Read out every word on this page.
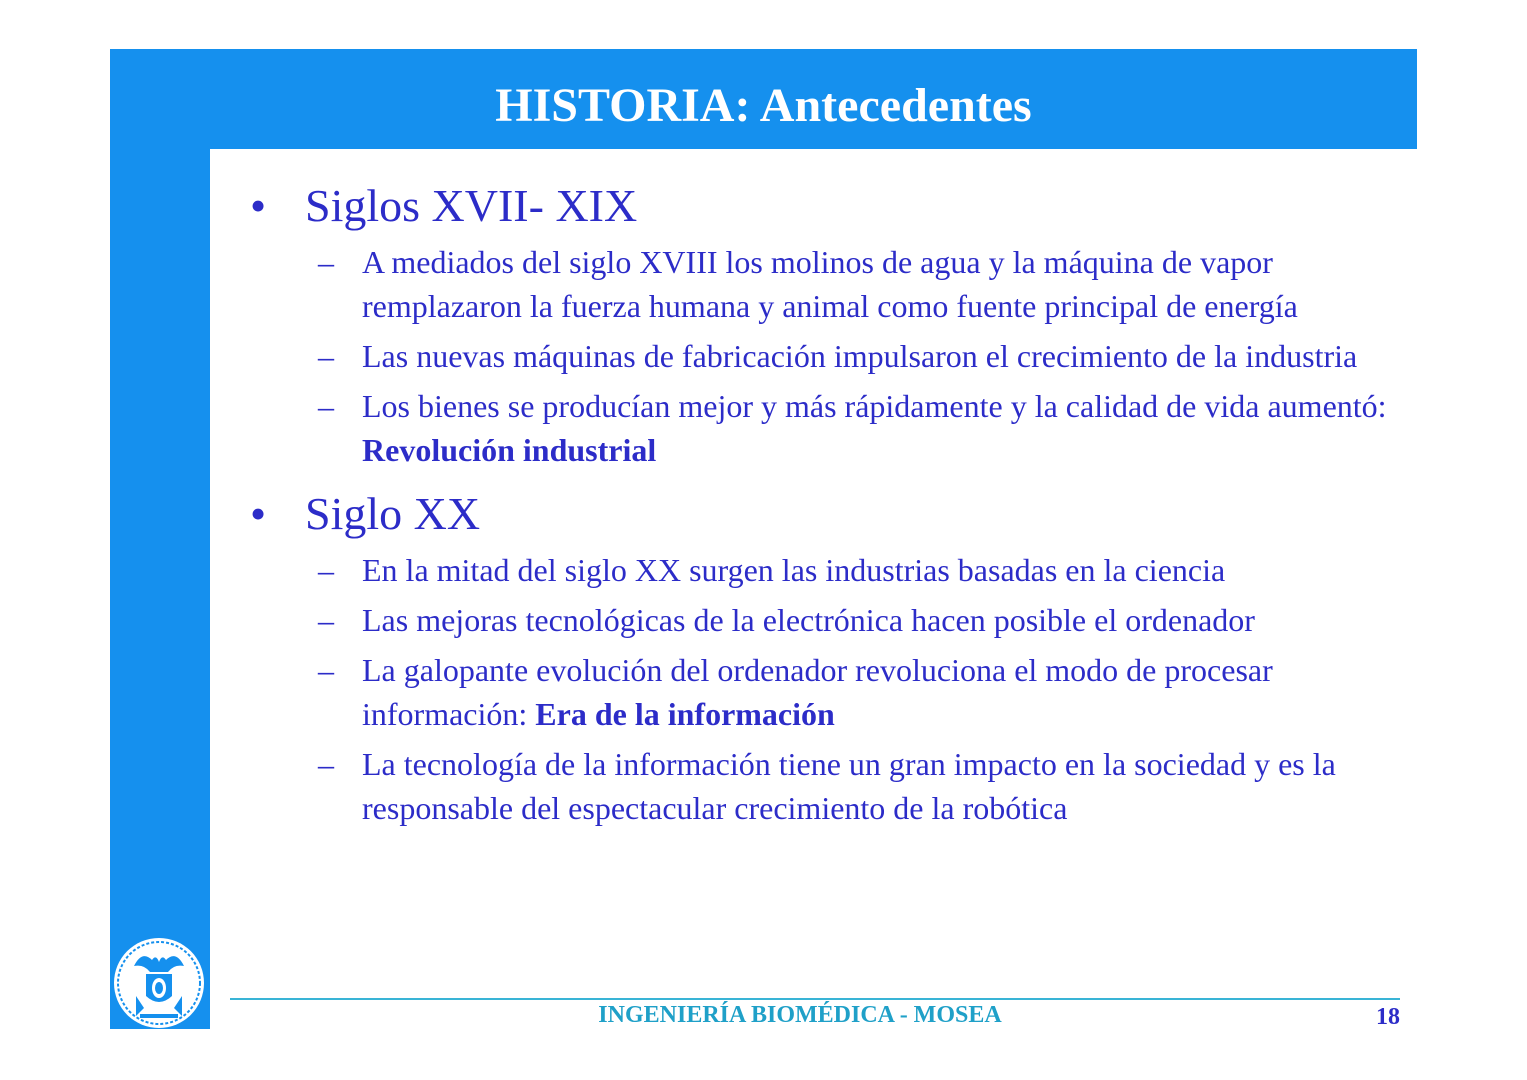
HISTORIA: Antecedentes
• Siglos XVII- XIX
– A mediados del siglo XVIII los molinos de agua y la máquina de vapor remplazaron la fuerza humana y animal como fuente principal de energía
– Las nuevas máquinas de fabricación impulsaron el crecimiento de la industria
– Los bienes se producían mejor y más rápidamente y la calidad de vida aumentó: Revolución industrial
• Siglo XX
– En la mitad del siglo XX surgen las industrias basadas en la ciencia
– Las mejoras tecnológicas de la electrónica hacen posible el ordenador
– La galopante evolución del ordenador revoluciona el modo de procesar información: Era de la información
– La tecnología de la información tiene un gran impacto en la sociedad y es la responsable del espectacular crecimiento de la robótica
INGENIERÍA BIOMÉDICA - MOSEA	18
